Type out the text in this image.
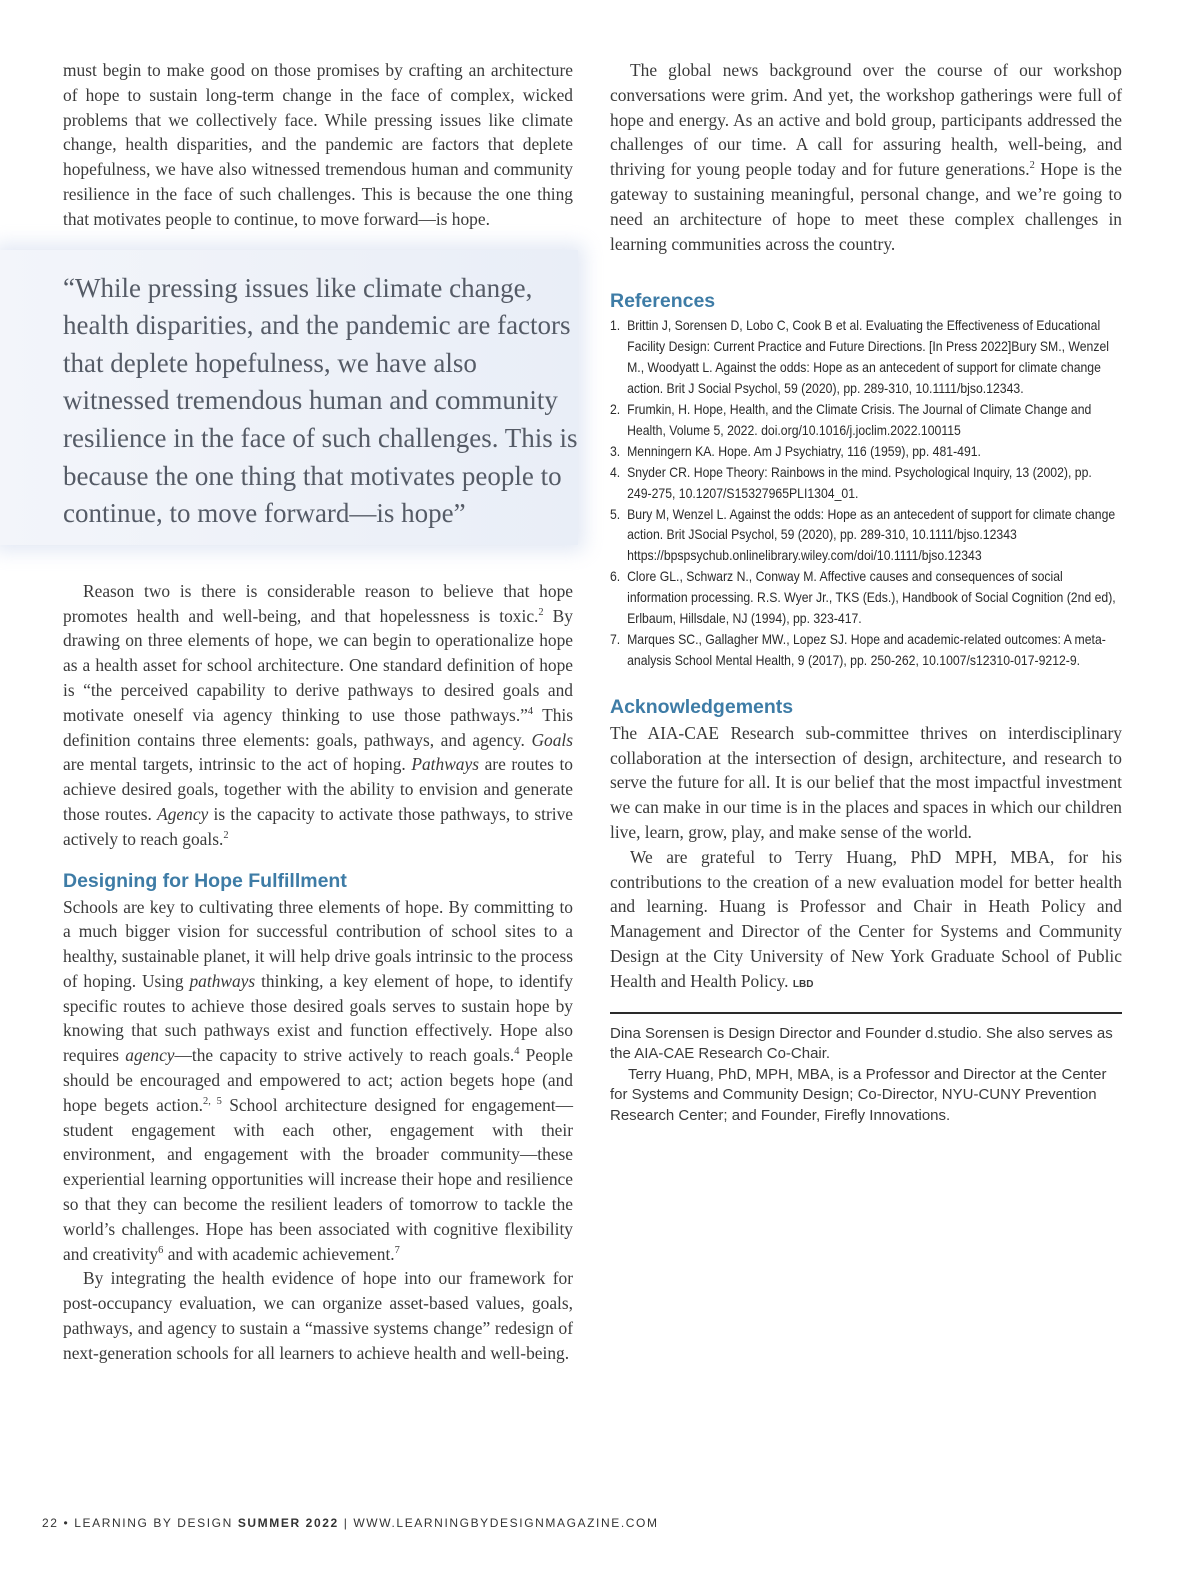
must begin to make good on those promises by crafting an architecture of hope to sustain long-term change in the face of complex, wicked problems that we collectively face. While pressing issues like climate change, health disparities, and the pandemic are factors that deplete hopefulness, we have also witnessed tremendous human and community resilience in the face of such challenges. This is because the one thing that motivates people to continue, to move forward—is hope.

“While pressing issues like climate change, health disparities, and the pandemic are factors that deplete hopefulness, we have also witnessed tremendous human and community resilience in the face of such challenges. This is because the one thing that motivates people to continue, to move forward—is hope”

Reason two is there is considerable reason to believe that hope promotes health and well-being, and that hopelessness is toxic.$^2$ By drawing on three elements of hope, we can begin to operationalize hope as a health asset for school architecture. One standard definition of hope is “the perceived capability to derive pathways to desired goals and motivate oneself via agency thinking to use those pathways.”$^4$ This definition contains three elements: goals, pathways, and agency. Goals are mental targets, intrinsic to the act of hoping. Pathways are routes to achieve desired goals, together with the ability to envision and generate those routes. Agency is the capacity to activate those pathways, to strive actively to reach goals.$^2$

Designing for Hope Fulfillment

Schools are key to cultivating three elements of hope. By committing to a much bigger vision for successful contribution of school sites to a healthy, sustainable planet, it will help drive goals intrinsic to the process of hoping. Using pathways thinking, a key element of hope, to identify specific routes to achieve those desired goals serves to sustain hope by knowing that such pathways exist and function effectively. Hope also requires agency—the capacity to strive actively to reach goals.$^4$ People should be encouraged and empowered to act; action begets hope (and hope begets action.$^{2, 5}$ School architecture designed for engagement—student engagement with each other, engagement with their environment, and engagement with the broader community—these experiential learning opportunities will increase their hope and resilience so that they can become the resilient leaders of tomorrow to tackle the world’s challenges. Hope has been associated with cognitive flexibility and creativity$^6$ and with academic achievement.$^7$

By integrating the health evidence of hope into our framework for post-occupancy evaluation, we can organize asset-based values, goals, pathways, and agency to sustain a “massive systems change” redesign of next-generation schools for all learners to achieve health and well-being.

The global news background over the course of our workshop conversations were grim. And yet, the workshop gatherings were full of hope and energy. As an active and bold group, participants addressed the challenges of our time. A call for assuring health, well-being, and thriving for young people today and for future generations.$^2$ Hope is the gateway to sustaining meaningful, personal change, and we’re going to need an architecture of hope to meet these complex challenges in learning communities across the country.

References
1. Brittin J, Sorensen D, Lobo C, Cook B et al. Evaluating the Effectiveness of Educational Facility Design: Current Practice and Future Directions. [In Press 2022]Bury SM., Wenzel M., Woodyatt L. Against the odds: Hope as an antecedent of support for climate change action. Brit J Social Psychol, 59 (2020), pp. 289-310, 10.1111/bjso.12343.
2. Frumkin, H. Hope, Health, and the Climate Crisis. The Journal of Climate Change and Health, Volume 5, 2022. doi.org/10.1016/j.joclim.2022.100115
3. Menningern KA. Hope. Am J Psychiatry, 116 (1959), pp. 481-491.
4. Snyder CR. Hope Theory: Rainbows in the mind. Psychological Inquiry, 13 (2002), pp. 249-275, 10.1207/S15327965PLI1304_01.
5. Bury M, Wenzel L. Against the odds: Hope as an antecedent of support for climate change action. Brit JSocial Psychol, 59 (2020), pp. 289-310, 10.1111/bjso.12343 https://bpspsychub.onlinelibrary.wiley.com/doi/10.1111/bjso.12343
6. Clore GL., Schwarz N., Conway M. Affective causes and consequences of social information processing. R.S. Wyer Jr., TKS (Eds.), Handbook of Social Cognition (2nd ed), Erlbaum, Hillsdale, NJ (1994), pp. 323-417.
7. Marques SC., Gallagher MW., Lopez SJ. Hope and academic-related outcomes: A meta-analysis School Mental Health, 9 (2017), pp. 250-262, 10.1007/s12310-017-9212-9.
Acknowledgements

The AIA-CAE Research sub-committee thrives on interdisciplinary collaboration at the intersection of design, architecture, and research to serve the future for all. It is our belief that the most impactful investment we can make in our time is in the places and spaces in which our children live, learn, grow, play, and make sense of the world.

We are grateful to Terry Huang, PhD MPH, MBA, for his contributions to the creation of a new evaluation model for better health and learning. Huang is Professor and Chair in Heath Policy and Management and Director of the Center for Systems and Community Design at the City University of New York Graduate School of Public Health and Health Policy. LBD

Dina Sorensen is Design Director and Founder d.studio. She also serves as the AIA-CAE Research Co-Chair.

Terry Huang, PhD, MPH, MBA, is a Professor and Director at the Center for Systems and Community Design; Co-Director, NYU-CUNY Prevention Research Center; and Founder, Firefly Innovations.

22 • LEARNING BY DESIGN SUMMER 2022 | WWW.LEARNINGBYDESIGNMAGAZINE.COM
